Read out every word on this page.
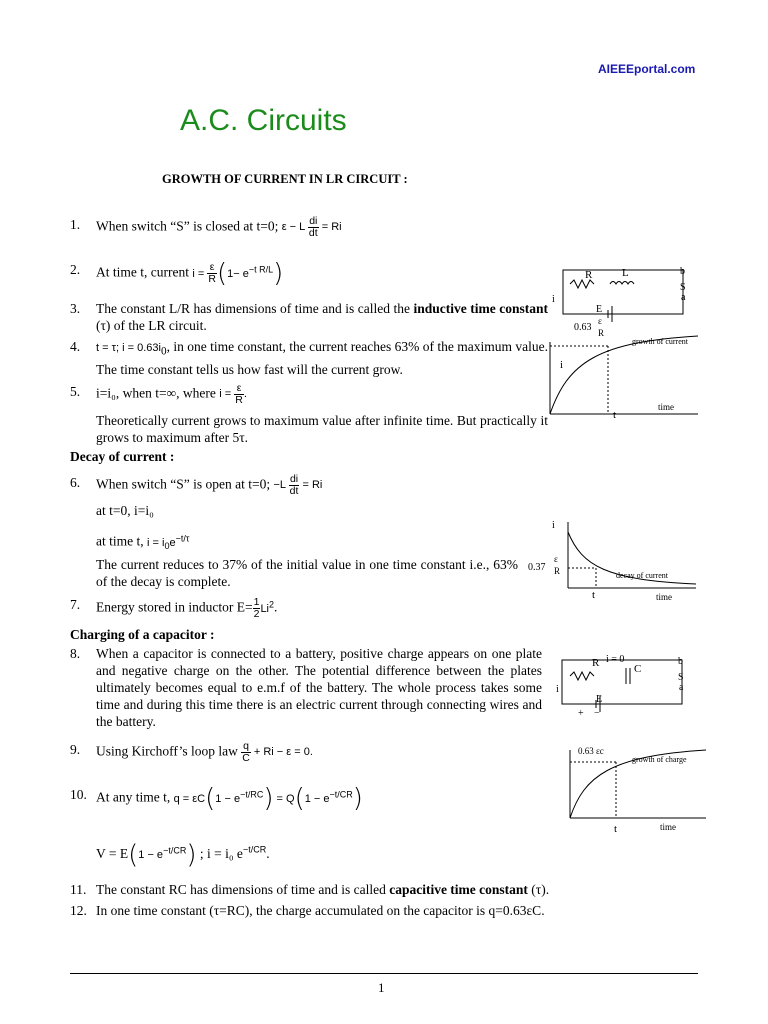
AIEEEportal.com
A.C. Circuits
GROWTH OF CURRENT IN LR CIRCUIT :
1. When switch “S” is closed at t=0; ε − L $\frac{di}{dt} = Ri$
2. At time t, current $i = \frac{\varepsilon}{R} (1- e^{-t R/L})$
3. The constant L/R has dimensions of time and is called the inductive time constant (τ) of the LR circuit.
4. t = τ; $i = 0.63i_0$, in one time constant, the current reaches 63% of the maximum value. The time constant tells us how fast will the current grow.
5. i=i₀, when t=∞, where $i = \frac{\varepsilon}{R}$ .
Theoretically current grows to maximum value after infinite time. But practically it grows to maximum after 5τ.
Decay of current :
6. When switch “S” is open at t=0; $-L \frac{di}{dt} = Ri$
at t=0, i=i₀
at time t, $i = i_0e^{-t/\tau}$
The current reduces to 37% of the initial value in one time constant i.e., 63% of the decay is complete.
7. Energy stored in inductor $E= \frac{1}{2} Li^2$.
Charging of a capacitor :
8. When a capacitor is connected to a battery, positive charge appears on one plate and negative charge on the other. The potential difference between the plates ultimately becomes equal to e.m.f of the battery. The whole process takes some time and during this time there is an electric current through connecting wires and the battery.
9. Using Kirchoff’s loop law $\frac{q}{C} + Ri - \varepsilon = 0$.
10. At any time t, $q = \varepsilon C(1 - e^{-t/RC}) = Q(1 - e^{-t/CR})$
$V = E(1 - e^{-t/CR})$ ; i = i₀ $e^{-t/CR}$.
11. The constant RC has dimensions of time and is called capacitive time constant (τ).
12. In one time constant (τ=RC), the charge accumulated on the capacitor is q=0.63εC.
R	L	b
S
a
i
E
0.63
ε
R
growth of current
i
t
time
i
0.37
ε
R	decay of current
t	time
R i = 0
C
b
S
a
i
E
+ −
0.63 εc
growth of charge
t	time
1
